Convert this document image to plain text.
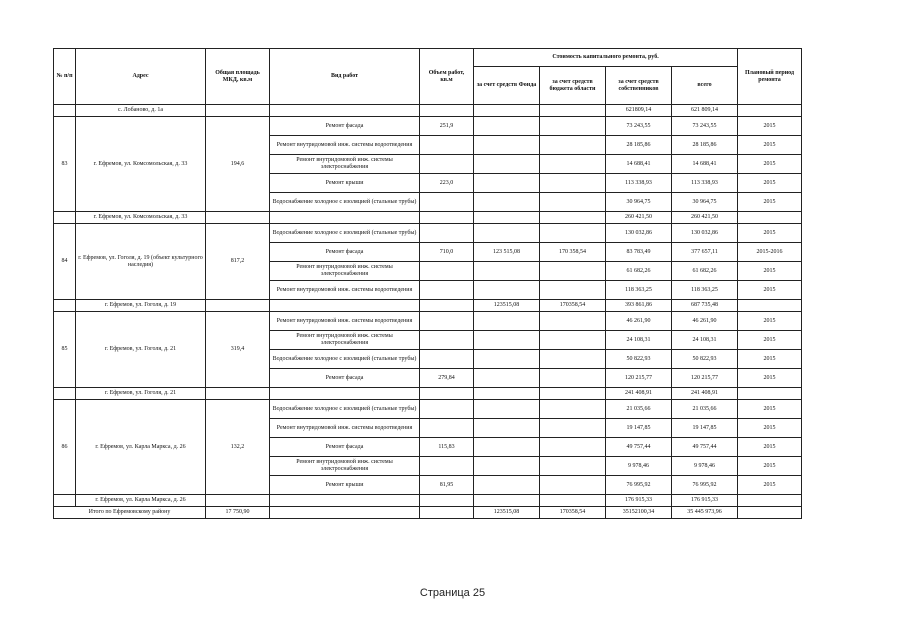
№ п/п	Адрес	Общая площадь МКД, кв.м	Вид работ	Объем работ, кв.м	Стоимость капитального ремонта, руб.				Плановый период ремонта
					за счет средств Фонда	за счет средств бюджета области	за счет средств собственников	всего	
	с. Лобаново, д. 1а						621809,14	621 809,14	
83	г. Ефремов, ул. Комсомольская, д. 33	194,6	Ремонт фасада	251,9			73 243,55	73 243,55	2015
			Ремонт внутридомовой инж. системы водоотведения				28 185,86	28 185,86	2015
			Ремонт внутридомовой инж. системы электроснабжения				14 688,41	14 688,41	2015
			Ремонт крыши	223,0			113 338,93	113 338,93	2015
			Водоснабжение холодное с изоляцией (стальные трубы)				30 964,75	30 964,75	2015
	г. Ефремов, ул. Комсомольская, д. 33						260 421,50	260 421,50	
84	г. Ефремов, ул. Гоголя, д. 19 (объект культурного наследия)	817,2	Водоснабжение холодное с изоляцией (стальные трубы)				130 032,86	130 032,86	2015
			Ремонт фасада	710,0	123 515,08	170 358,54	83 783,49	377 657,11	2015-2016
			Ремонт внутридомовой инж. системы электроснабжения				61 682,26	61 682,26	2015
			Ремонт внутридомовой инж. системы водоотведения				118 363,25	118 363,25	2015
	г. Ефремов, ул. Гоголя, д. 19				123515,08	170358,54	393 861,86	687 735,48	
85	г. Ефремов, ул. Гоголя, д. 21	319,4	Ремонт внутридомовой инж. системы водоотведения				46 261,90	46 261,90	2015
			Ремонт внутридомовой инж. системы электроснабжения				24 108,31	24 108,31	2015
			Водоснабжение холодное с изоляцией (стальные трубы)				50 822,93	50 822,93	2015
			Ремонт фасада	279,84			120 215,77	120 215,77	2015
	г. Ефремов, ул. Гоголя, д. 21						241 408,91	241 408,91	
86	г. Ефремов, ул. Карла Маркса, д. 26	132,2	Водоснабжение холодное с изоляцией (стальные трубы)				21 035,66	21 035,66	2015
			Ремонт внутридомовой инж. системы водоотведения				19 147,85	19 147,85	2015
			Ремонт фасада	115,83			49 757,44	49 757,44	2015
			Ремонт внутридомовой инж. системы электроснабжения				9 978,46	9 978,46	2015
			Ремонт крыши	81,95			76 995,92	76 995,92	2015
	г. Ефремов, ул. Карла Маркса, д. 26						176 915,33	176 915,33	
Итого по Ефремовскому району		17 750,90			123515,08	170358,54	35152100,34	35 445 973,96	
Страница 25
